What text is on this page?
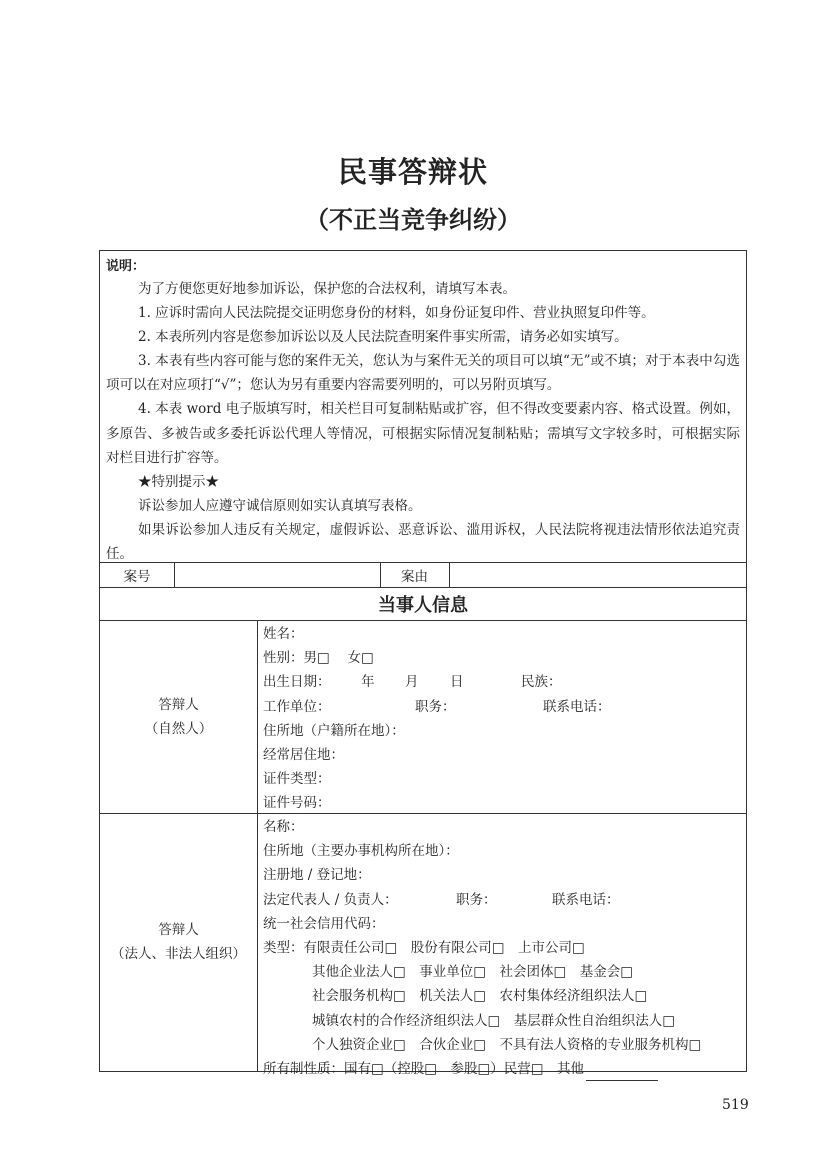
民事答辩状
（不正当竞争纠纷）
说明：

为了方便您更好地参加诉讼，保护您的合法权利，请填写本表。

1. 应诉时需向人民法院提交证明您身份的材料，如身份证复印件、营业执照复印件等。

2. 本表所列内容是您参加诉讼以及人民法院查明案件事实所需，请务必如实填写。

3. 本表有些内容可能与您的案件无关，您认为与案件无关的项目可以填“无”或不填；对于本表中勾选项可以在对应项打“√”；您认为另有重要内容需要列明的，可以另附页填写。

4. 本表 word 电子版填写时，相关栏目可复制粘贴或扩容，但不得改变要素内容、格式设置。例如，多原告、多被告或多委托诉讼代理人等情况，可根据实际情况复制粘贴；需填写文字较多时，可根据实际对栏目进行扩容等。

★特别提示★

诉讼参加人应遵守诚信原则如实认真填写表格。

如果诉讼参加人违反有关规定，虚假诉讼、恶意诉讼、滥用诉权，人民法院将视违法情形依法追究责任。

案号	案由
当事人信息
答辩人
（自然人）
姓名：
性别：男□　 女□
出生日期： 年 月 日	民族：
工作单位：	职务：	联系电话：
住所地（户籍所在地）：
经常居住地：
证件类型：
证件号码：
答辩人
（法人、非法人组织）
名称：
住所地（主要办事机构所在地）：
注册地 / 登记地：
法定代表人 / 负责人：	职务：	联系电话：
统一社会信用代码：
类型：有限责任公司□　股份有限公司□　上市公司□
其他企业法人□　事业单位□　社会团体□　基金会□
社会服务机构□　机关法人□　农村集体经济组织法人□
城镇农村的合作经济组织法人□　基层群众性自治组织法人□
个人独资企业□　合伙企业□　不具有法人资格的专业服务机构□
所有制性质：国有□（控股□　参股□）民营□　其他
519
